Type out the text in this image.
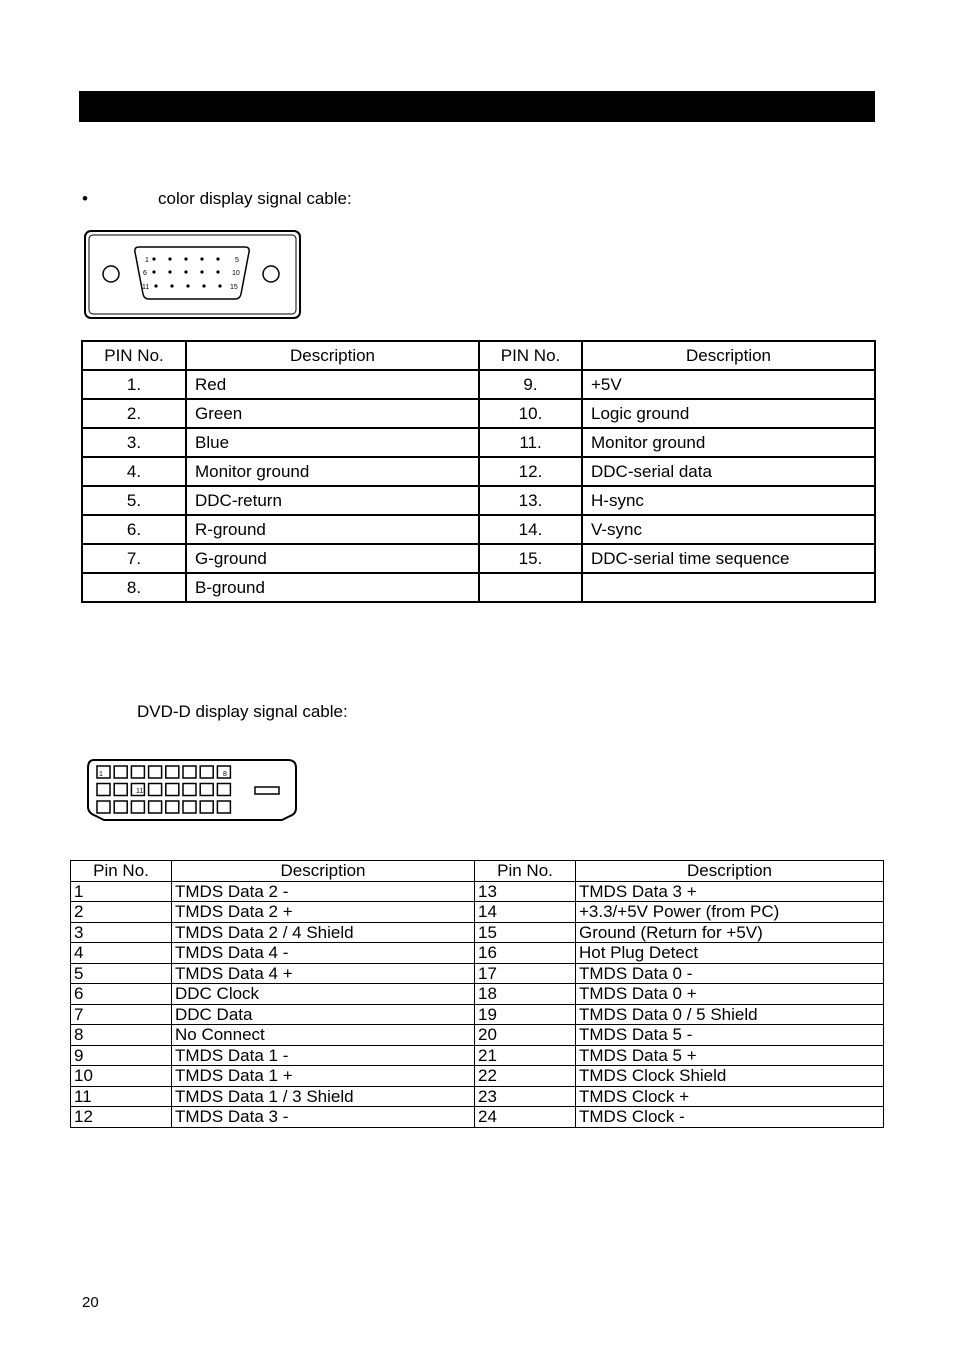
•	color display signal cable:
1	5
6	10
11	15
PIN No.	Description	PIN No.	Description
1.	Red	9.	+5V
2.	Green	10.	Logic ground
3.	Blue	11.	Monitor ground
4.	Monitor ground	12.	DDC-serial data
5.	DDC-return	13.	H-sync
6.	R-ground	14.	V-sync
7.	G-ground	15.	DDC-serial time sequence
8.	B-ground		
DVD-D display signal cable:
1	8
11
Pin No.	Description	Pin No.	Description
1	TMDS Data 2 -	13	TMDS Data 3 +
2	TMDS Data 2 +	14	+3.3/+5V Power (from PC)
3	TMDS Data 2 / 4 Shield	15	Ground (Return for +5V)
4	TMDS Data 4 -	16	Hot Plug Detect
5	TMDS Data 4 +	17	TMDS Data 0 -
6	DDC Clock	18	TMDS Data 0 +
7	DDC Data	19	TMDS Data 0 / 5 Shield
8	No Connect	20	TMDS Data 5 -
9	TMDS Data 1 -	21	TMDS Data 5 +
10	TMDS Data 1 +	22	TMDS Clock Shield
11	TMDS Data 1 / 3 Shield	23	TMDS Clock +
12	TMDS Data 3 -	24	TMDS Clock -
20
